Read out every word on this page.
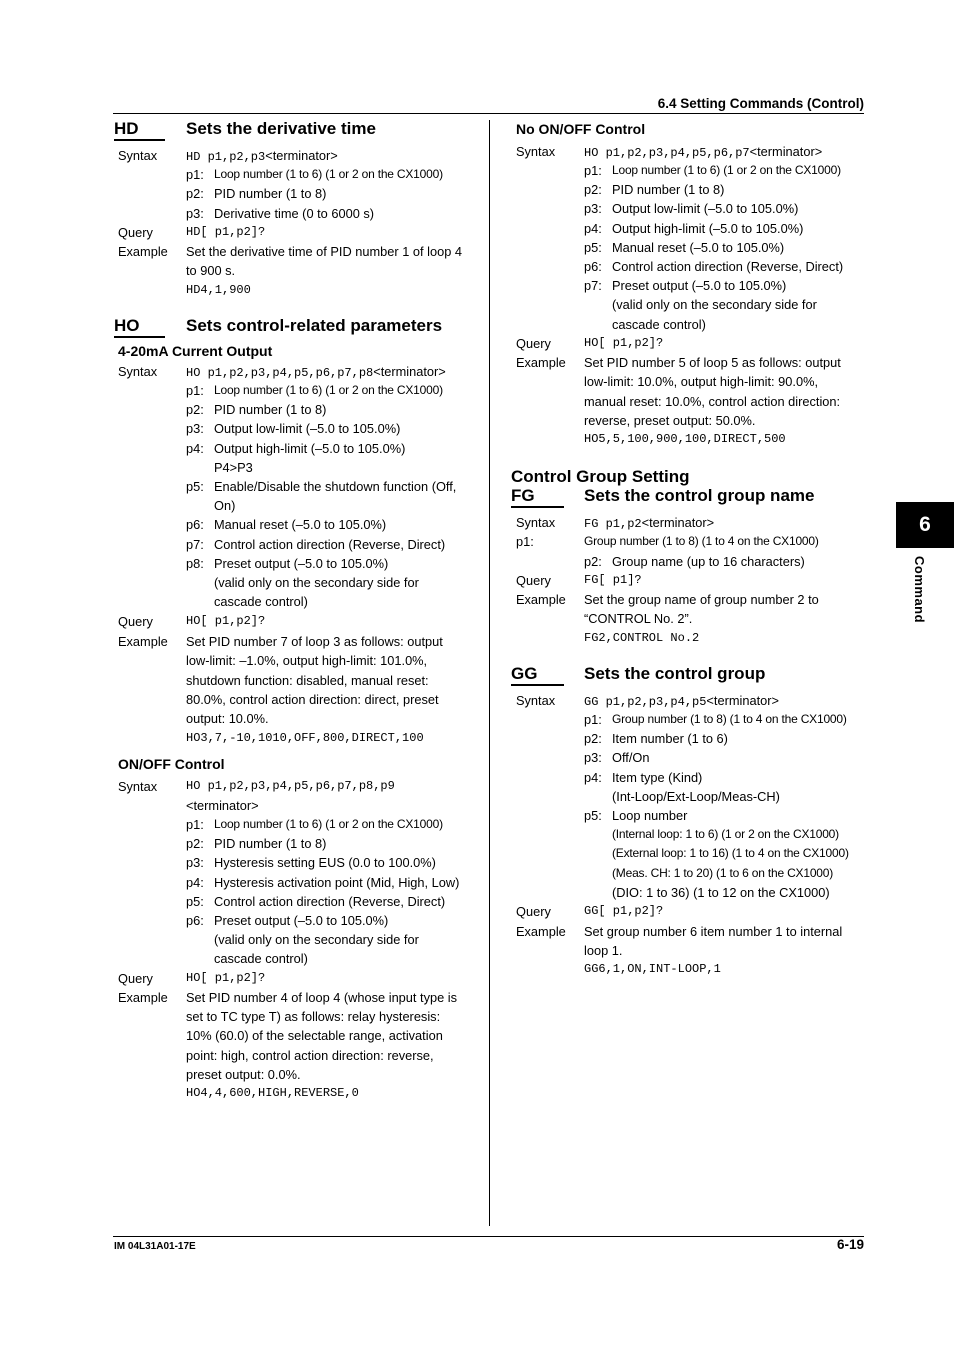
6.4 Setting Commands (Control)
6
Command
HD	Sets the derivative time
Syntax HD p1,p2,p3<terminator>
p1: Loop number (1 to 6) (1 or 2 on the CX1000)
p2: PID number (1 to 8)
p3: Derivative time (0 to 6000 s)
Query	HD[ p1,p2]?
Example Set the derivative time of PID number 1 of loop 4
to 900 s.
HD4,1,900
HO	Sets control-related parameters
4-20mA Current Output
Syntax HO p1,p2,p3,p4,p5,p6,p7,p8<terminator>
p1: Loop number (1 to 6) (1 or 2 on the CX1000)
p2: PID number (1 to 8)
p3: Output low-limit (–5.0 to 105.0%)
p4: Output high-limit (–5.0 to 105.0%)
P4>P3
p5: Enable/Disable the shutdown function (Off,
On)
p6: Manual reset (–5.0 to 105.0%)
p7: Control action direction (Reverse, Direct)
p8: Preset output (–5.0 to 105.0%)
(valid only on the secondary side for
cascade control)
Query	HO[ p1,p2]?
Example Set PID number 7 of loop 3 as follows: output
low-limit: –1.0%, output high-limit: 101.0%,
shutdown function: disabled, manual reset:
80.0%, control action direction: direct, preset
output: 10.0%.
HO3,7,-10,1010,OFF,800,DIRECT,100
ON/OFF Control
Syntax HO p1,p2,p3,p4,p5,p6,p7,p8,p9
<terminator>
p1: Loop number (1 to 6) (1 or 2 on the CX1000)
p2: PID number (1 to 8)
p3: Hysteresis setting EUS (0.0 to 100.0%)
p4: Hysteresis activation point (Mid, High, Low)
p5: Control action direction (Reverse, Direct)
p6: Preset output (–5.0 to 105.0%)
(valid only on the secondary side for
cascade control)
Query	HO[ p1,p2]?
Example Set PID number 4 of loop 4 (whose input type is
set to TC type T) as follows: relay hysteresis:
10% (60.0) of the selectable range, activation
point: high, control action direction: reverse,
preset output: 0.0%.
HO4,4,600,HIGH,REVERSE,0
No ON/OFF Control
Syntax HO p1,p2,p3,p4,p5,p6,p7<terminator>
p1: Loop number (1 to 6) (1 or 2 on the CX1000)
p2: PID number (1 to 8)
p3: Output low-limit (–5.0 to 105.0%)
p4: Output high-limit (–5.0 to 105.0%)
p5: Manual reset (–5.0 to 105.0%)
p6: Control action direction (Reverse, Direct)
p7: Preset output (–5.0 to 105.0%)
(valid only on the secondary side for
cascade control)
Query	HO[ p1,p2]?
Example Set PID number 5 of loop 5 as follows: output
low-limit: 10.0%, output high-limit: 90.0%,
manual reset: 10.0%, control action direction:
reverse, preset output: 50.0%.
HO5,5,100,900,100,DIRECT,500
Control Group Setting
FG	Sets the control group name
Syntax FG p1,p2<terminator>
p1:	Group number (1 to 8) (1 to 4 on the CX1000)
p2: Group name (up to 16 characters)
Query	FG[ p1]?
Example Set the group name of group number 2 to
“CONTROL No. 2”.
FG2,CONTROL No.2
GG	Sets the control group
Syntax GG p1,p2,p3,p4,p5<terminator>
p1: Group number (1 to 8) (1 to 4 on the CX1000)
p2: Item number (1 to 6)
p3: Off/On
p4: Item type (Kind)
(Int-Loop/Ext-Loop/Meas-CH)
p5: Loop number
(Internal loop: 1 to 6) (1 or 2 on the CX1000)
(External loop: 1 to 16) (1 to 4 on the CX1000)
(Meas. CH: 1 to 20) (1 to 6 on the CX1000)
(DIO: 1 to 36) (1 to 12 on the CX1000)
Query	GG[ p1,p2]?
Example Set group number 6 item number 1 to internal
loop 1.
GG6,1,ON,INT-LOOP,1
IM 04L31A01-17E	6-19
